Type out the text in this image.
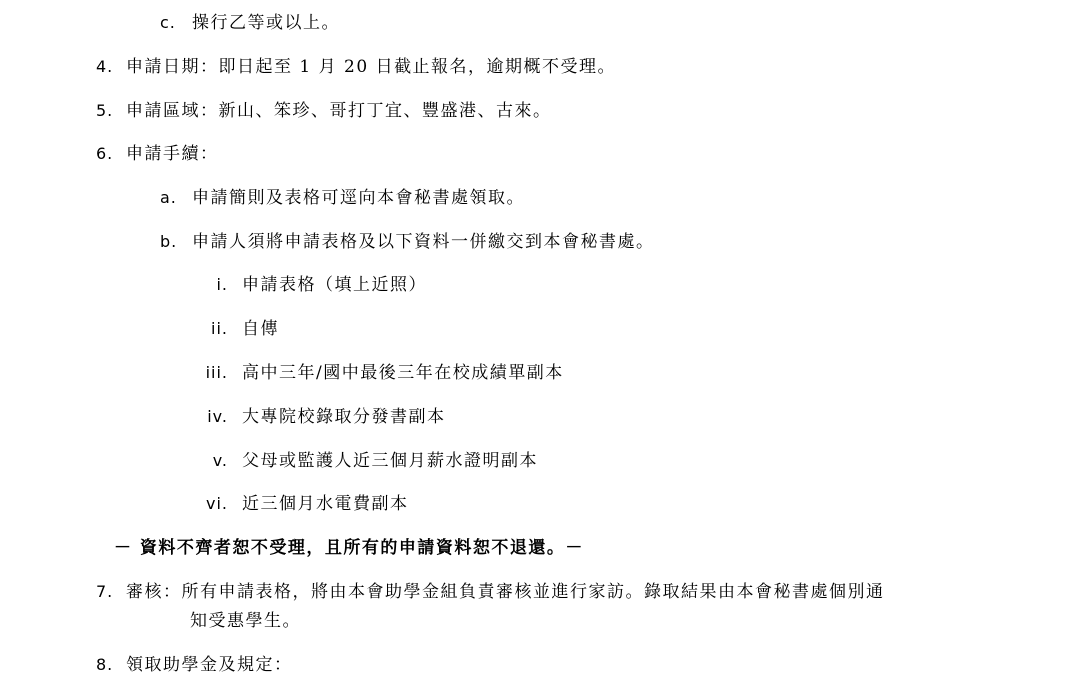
c. 操行乙等或以上。
4. 申請日期：即日起至 1 月 20 日截止報名，逾期概不受理。
5. 申請區域：新山、笨珍、哥打丁宜、豐盛港、古來。
6. 申請手續：
a. 申請簡則及表格可逕向本會秘書處領取。
b. 申請人須將申請表格及以下資料一併繳交到本會秘書處。
i. 申請表格（填上近照）
ii. 自傳
iii. 高中三年/國中最後三年在校成績單副本
iv. 大專院校錄取分發書副本
v. 父母或監護人近三個月薪水證明副本
vi. 近三個月水電費副本
－ 資料不齊者恕不受理，且所有的申請資料恕不退還。－
7. 審核：所有申請表格，將由本會助學金組負責審核並進行家訪。錄取結果由本會秘書處個別通
知受惠學生。
8. 領取助學金及規定：
